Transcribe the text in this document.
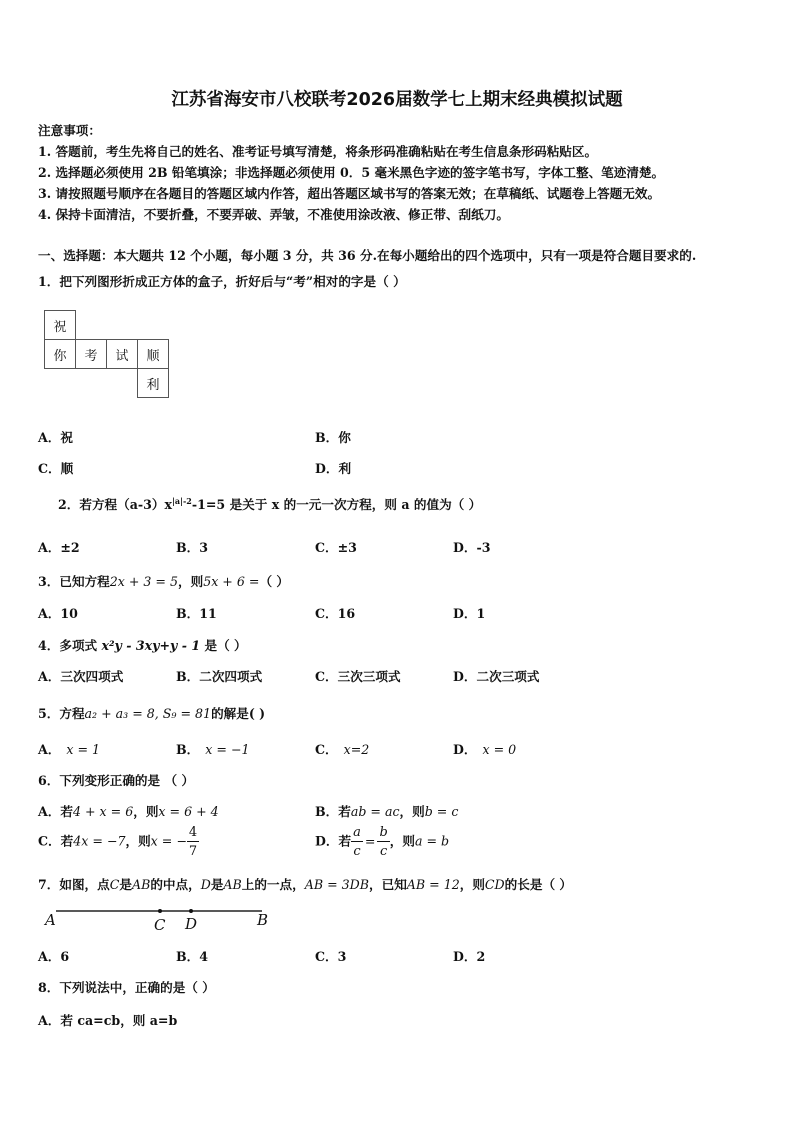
江苏省海安市八校联考2026届数学七上期末经典模拟试题
注意事项：
1. 答题前，考生先将自己的姓名、准考证号填写清楚，将条形码准确粘贴在考生信息条形码粘贴区。
2. 选择题必须使用 2B 铅笔填涂；非选择题必须使用 0．5 毫米黑色字迹的签字笔书写，字体工整、笔迹清楚。
3. 请按照题号顺序在各题目的答题区域内作答，超出答题区域书写的答案无效；在草稿纸、试题卷上答题无效。
4. 保持卡面清洁，不要折叠，不要弄破、弄皱，不准使用涂改液、修正带、刮纸刀。
一、选择题：本大题共 12 个小题，每小题 3 分，共 36 分.在每小题给出的四个选项中，只有一项是符合题目要求的.
1．把下列图形折成正方体的盒子，折好后与“考”相对的字是（ ）
祝			
你	考	试	顺
			利
A．祝	B．你
C．顺	D．利
2．若方程$(a-3)x^{|a|-2}-1=5$ 是关于 x 的一元一次方程，则 a 的值为（ ）
A．±2	B．3	C．±3	D．-3
3．已知方程2x + 3 = 5，则5x + 6 =（ ）
A．10	B．11	C．16	D．1
4．多项式 x²y - 3xy+y - 1 是（ ）
A．三次四项式	B．二次四项式	C．三次三项式	D．二次三项式
5．方程a₂ + a₃ = 8, S₉ = 81的解是( )
A． x = 1	B． x = −1	C． x=2	D． x = 0
6．下列变形正确的是 （ ）
A．若4 + x = 6，则x = 6 + 4	B．若ab = ac，则b = c
C．若4x = −7，则x = − $\frac{4}{7}$	D．若 $\frac{a}{c} = \frac{b}{c}$ ，则a = b
7．如图，点C是AB的中点，D是AB上的一点，AB = 3DB，已知AB = 12，则CD的长是（ ）
A	C D	B
A．6	B．4	C．3	D．2
8．下列说法中，正确的是（ ）
A．若 ca=cb，则 a=b
